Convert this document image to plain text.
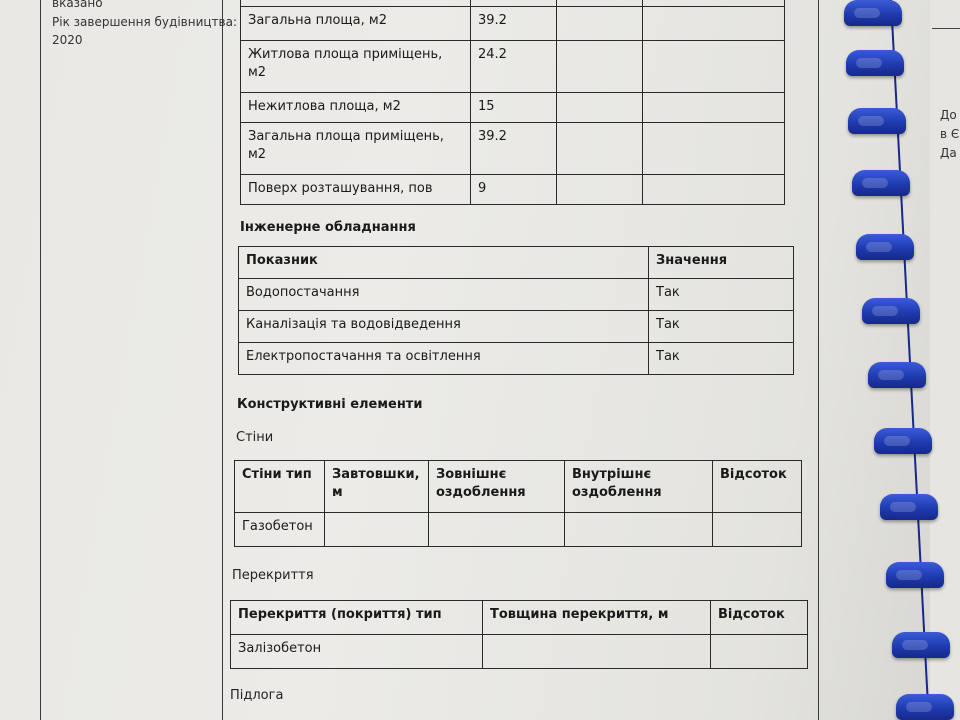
вказано
Рік завершення будівництва:
2020

Загальна площа, м2	39.2		
Житлова площа приміщень, м2	24.2		
Нежитлова площа, м2	15		
Загальна площа приміщень, м2	39.2		
Поверх розташування, пов	9		
Інженерне обладнання
Показник	Значення
Водопостачання	Так
Каналізація та водовідведення	Так
Електропостачання та освітлення	Так
Конструктивні елементи
Стіни
Стіни тип	Завтовшки, м	Зовнішнє оздоблення	Внутрішнє оздоблення	Відсоток
Газобетон				
Перекриття
Перекриття (покриття) тип	Товщина перекриття, м	Відсоток
Залізобетон		
Підлога
До
в Є
Да
